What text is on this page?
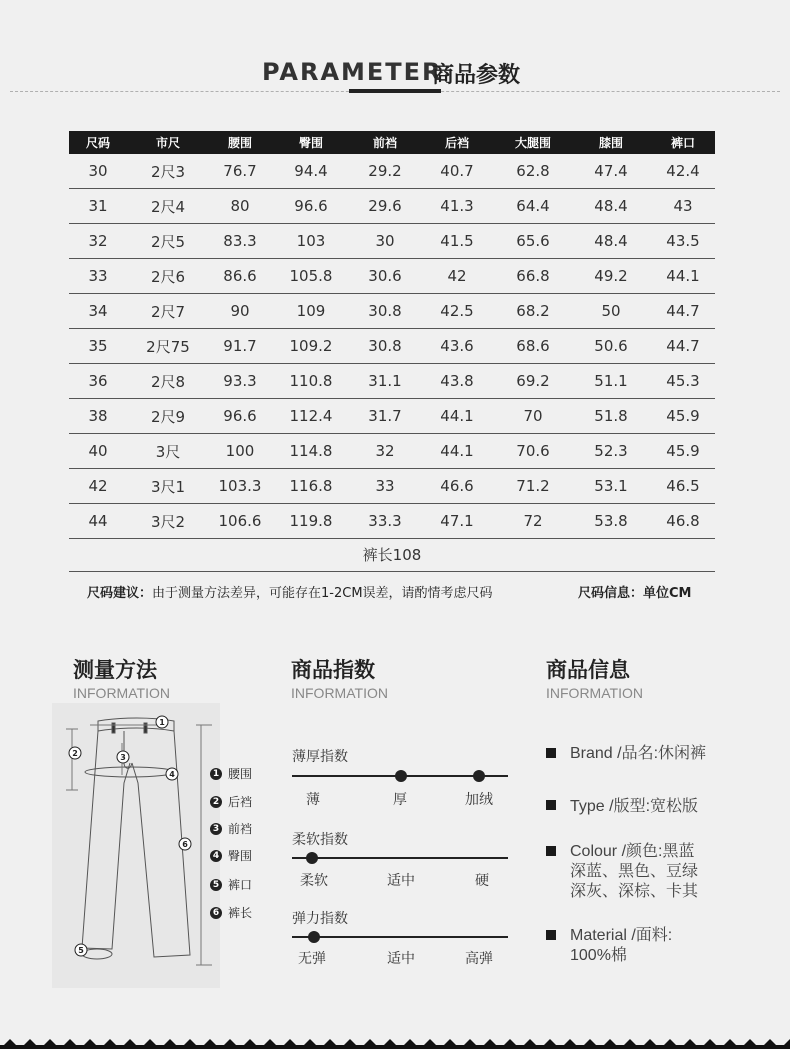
PARAMETER
商品参数
尺码	市尺	腰围	臀围	前裆	后裆	大腿围	膝围	裤口
30	2尺3	76.7	94.4	29.2	40.7	62.8	47.4	42.4
31	2尺4	80	96.6	29.6	41.3	64.4	48.4	43
32	2尺5	83.3	103	30	41.5	65.6	48.4	43.5
33	2尺6	86.6	105.8	30.6	42	66.8	49.2	44.1
34	2尺7	90	109	30.8	42.5	68.2	50	44.7
35	2尺75	91.7	109.2	30.8	43.6	68.6	50.6	44.7
36	2尺8	93.3	110.8	31.1	43.8	69.2	51.1	45.3
38	2尺9	96.6	112.4	31.7	44.1	70	51.8	45.9
40	3尺	100	114.8	32	44.1	70.6	52.3	45.9
42	3尺1	103.3	116.8	33	46.6	71.2	53.1	46.5
44	3尺2	106.6	119.8	33.3	47.1	72	53.8	46.8
裤长108
尺码建议：由于测量方法差异，可能存在1-2CM误差，请酌情考虑尺码	尺码信息：单位CM
测量方法
INFORMATION
1
2	3
4
5
6
1 腰围
2 后裆
3 前裆
4 臀围
5 裤口
6 裤长
商品指数
INFORMATION
薄厚指数
薄	厚	加绒
柔软指数
柔软	适中	硬
弹力指数
无弹	适中	高弹
商品信息
INFORMATION
Brand /品名:休闲裤
Type /版型:宽松版
Colour /颜色:黑蓝
深蓝、黑色、豆绿
深灰、深棕、卡其
Material /面料:
100%棉
